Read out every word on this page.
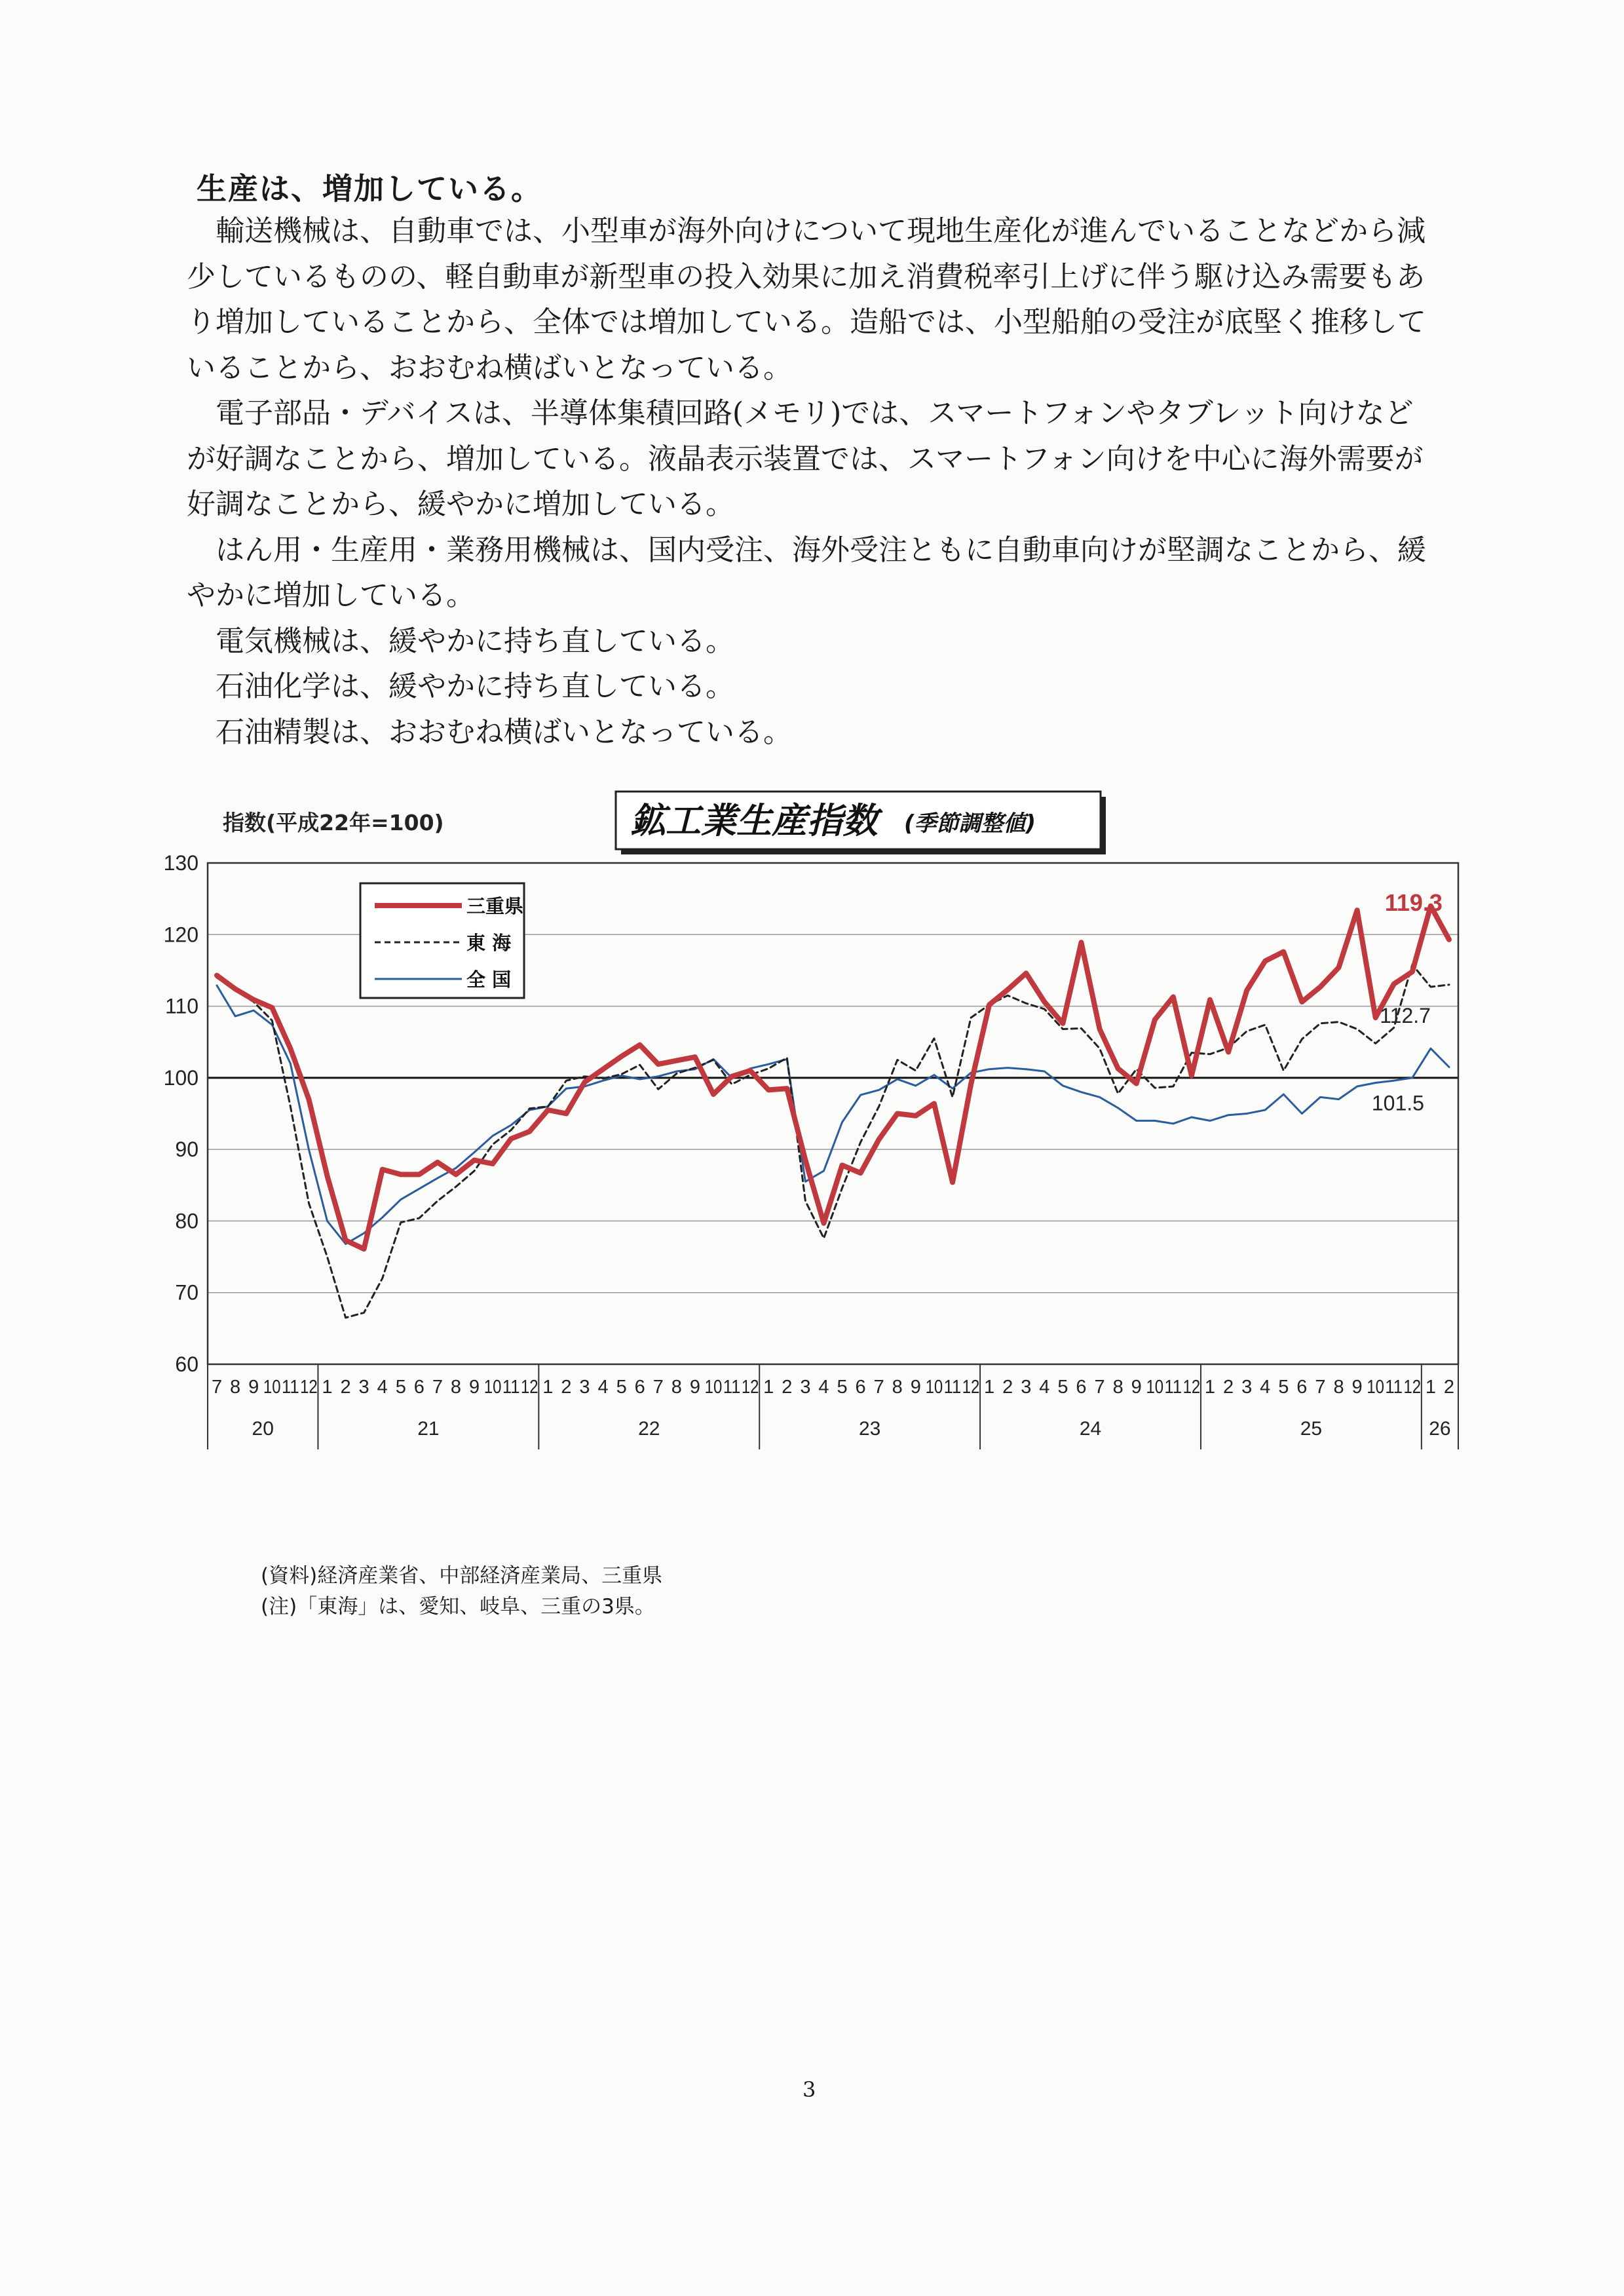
生産は、増加している。

輸送機械は、自動車では、小型車が海外向けについて現地生産化が進んでいることなどから減少しているものの、軽自動車が新型車の投入効果に加え消費税率引上げに伴う駆け込み需要もあり増加していることから、全体では増加している。造船では、小型船舶の受注が底堅く推移していることから、おおむね横ばいとなっている。

電子部品・デバイスは、半導体集積回路(メモリ)では、スマートフォンやタブレット向けなどが好調なことから、増加している。液晶表示装置では、スマートフォン向けを中心に海外需要が好調なことから、緩やかに増加している。

はん用・生産用・業務用機械は、国内受注、海外受注ともに自動車向けが堅調なことから、緩やかに増加している。

電気機械は、緩やかに持ち直している。

石油化学は、緩やかに持ち直している。

石油精製は、おおむね横ばいとなっている。

60
70
80
90
100
110
120
130
7 8 9 10 11 12 1 2 3 4 5 6 7 8 9 10 11 12 1 2 3 4 5 6 7 8 9 10 11 12 1 2 3 4 5 6 7 8 9 10 11 12 1 2 3 4 5 6 7 8 9 10 11 12 1 2 3 4 5 6 7 8 9 10 11 12 1 2
20	21	22	23	24	25	26
119.3
112.7
101.5
三重県
東 海
全 国
指数(平成22年=100)	鉱工業生産指数 (季節調整値)
(資料)経済産業省、中部経済産業局、三重県
(注)「東海」は、愛知、岐阜、三重の3県。
3
